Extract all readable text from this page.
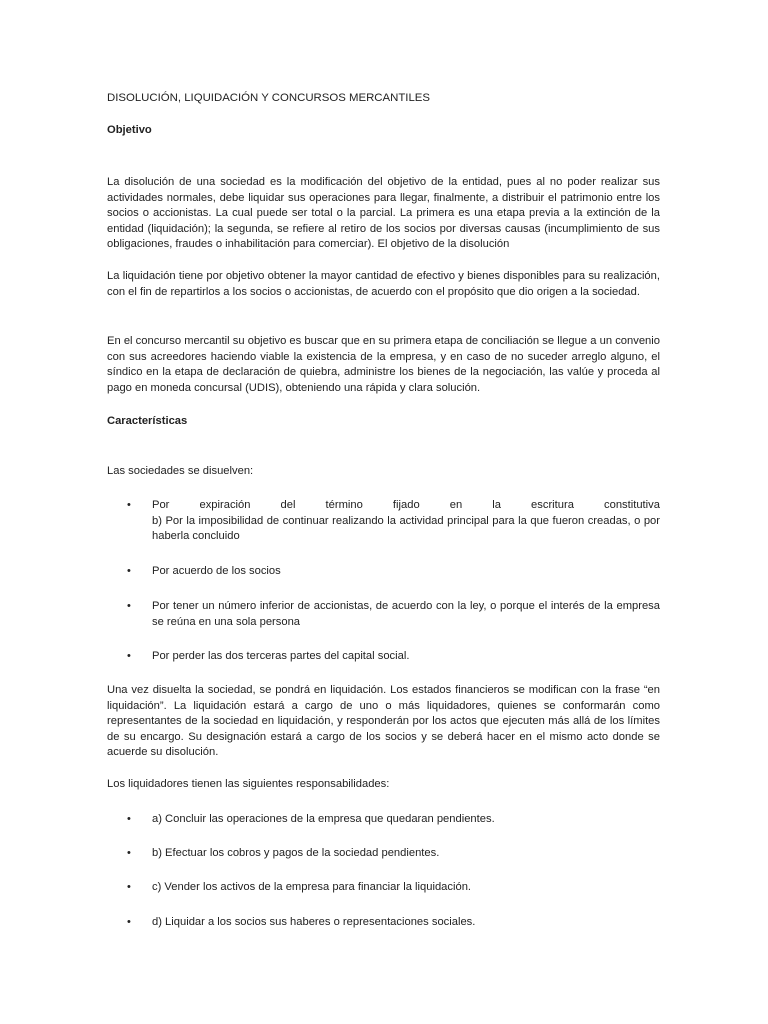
DISOLUCIÓN, LIQUIDACIÓN Y CONCURSOS MERCANTILES
Objetivo

La disolución de una sociedad es la modificación del objetivo de la entidad, pues al no poder realizar sus actividades normales, debe liquidar sus operaciones para llegar, finalmente, a distribuir el patrimonio entre los socios o accionistas. La cual puede ser total o la parcial. La primera es una etapa previa a la extinción de la entidad (liquidación); la segunda, se refiere al retiro de los socios por diversas causas (incumplimiento de sus obligaciones, fraudes o inhabilitación para comerciar). El objetivo de la disolución

La liquidación tiene por objetivo obtener la mayor cantidad de efectivo y bienes disponibles para su realización, con el fin de repartirlos a los socios o accionistas, de acuerdo con el propósito que dio origen a la sociedad.

En el concurso mercantil su objetivo es buscar que en su primera etapa de conciliación se llegue a un convenio con sus acreedores haciendo viable la existencia de la empresa, y en caso de no suceder arreglo alguno, el síndico en la etapa de declaración de quiebra, administre los bienes de la negociación, las valúe y proceda al pago en moneda concursal (UDIS), obteniendo una rápida y clara solución.

Características

Las sociedades se disuelven:

• Por	expiración	del	término	fijado	en	la	escritura	constitutiva
b) Por la imposibilidad de continuar realizando la actividad principal para la que fueron creadas, o por haberla concluido
• Por acuerdo de los socios
• Por tener un número inferior de accionistas, de acuerdo con la ley, o porque el interés de la empresa se reúna en una sola persona
• Por perder las dos terceras partes del capital social.

Una vez disuelta la sociedad, se pondrá en liquidación. Los estados financieros se modifican con la frase “en liquidación”. La liquidación estará a cargo de uno o más liquidadores, quienes se conformarán como representantes de la sociedad en liquidación, y responderán por los actos que ejecuten más allá de los límites de su encargo. Su designación estará a cargo de los socios y se deberá hacer en el mismo acto donde se acuerde su disolución.

Los liquidadores tienen las siguientes responsabilidades:

• a) Concluir las operaciones de la empresa que quedaran pendientes.
• b) Efectuar los cobros y pagos de la sociedad pendientes.
• c) Vender los activos de la empresa para financiar la liquidación.
• d) Liquidar a los socios sus haberes o representaciones sociales.
